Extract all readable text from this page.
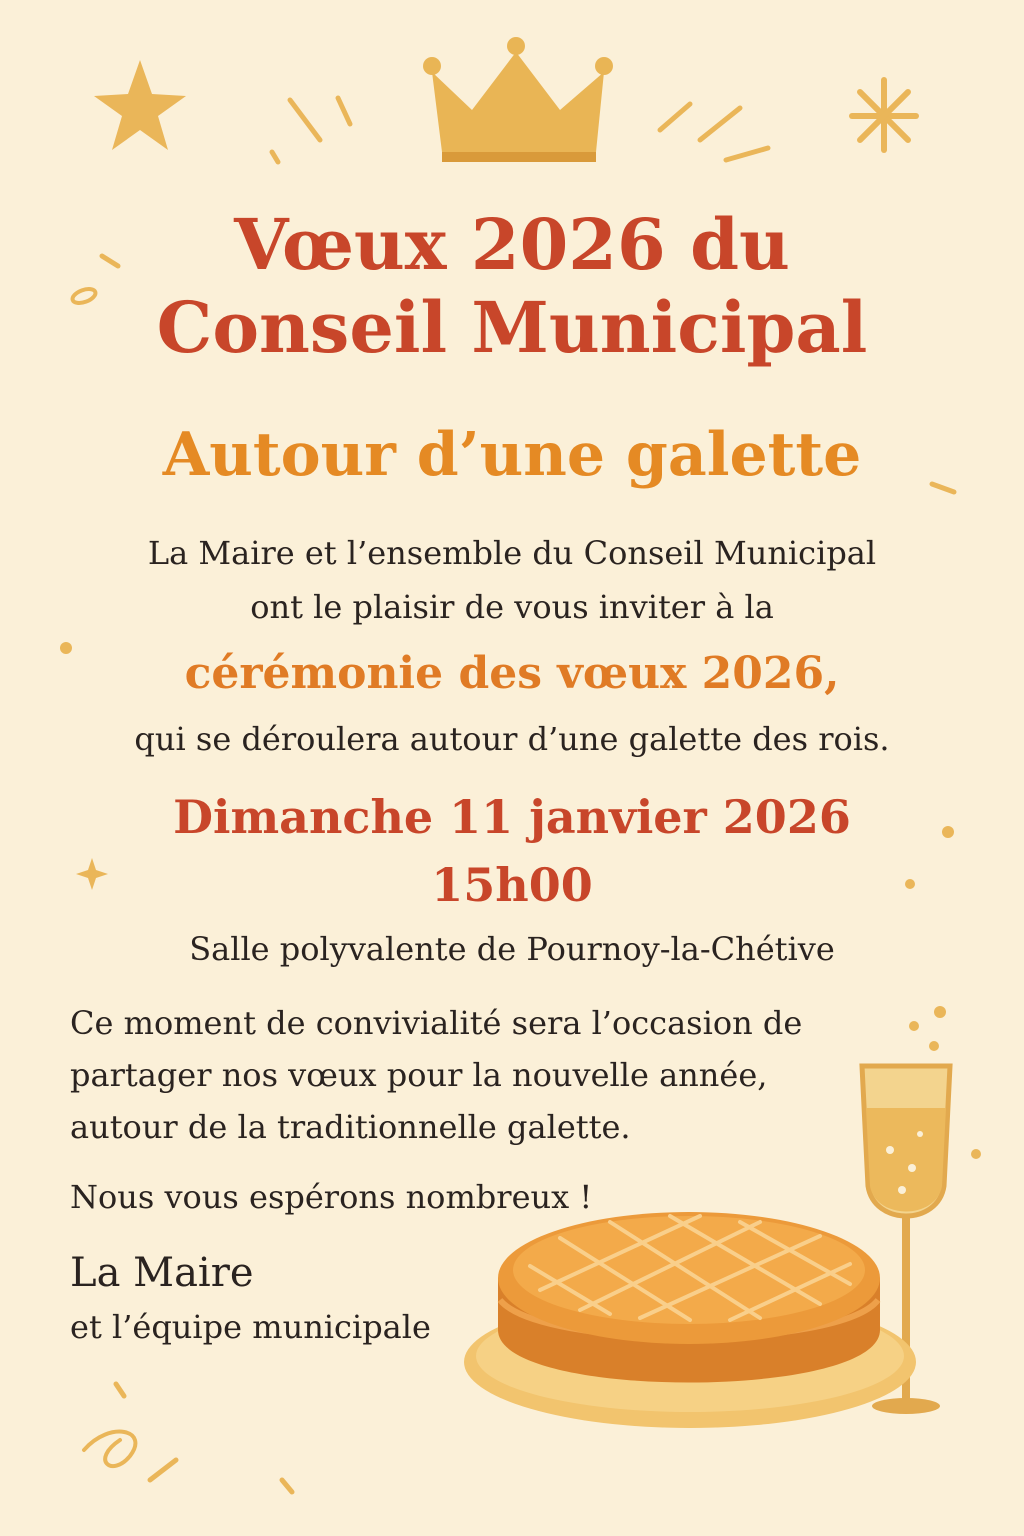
Vœux 2026 du
Conseil Municipal
Autour d’une galette
La Maire et l’ensemble du Conseil Municipal
ont le plaisir de vous inviter à la
cérémonie des vœux 2026,
qui se déroulera autour d’une galette des rois.
Dimanche 11 janvier 2026
15h00
Salle polyvalente de Pournoy-la-Chétive
Ce moment de convivialité sera l’occasion de
partager nos vœux pour la nouvelle année,
autour de la traditionnelle galette.
Nous vous espérons nombreux !
La Maire
et l’équipe municipale
